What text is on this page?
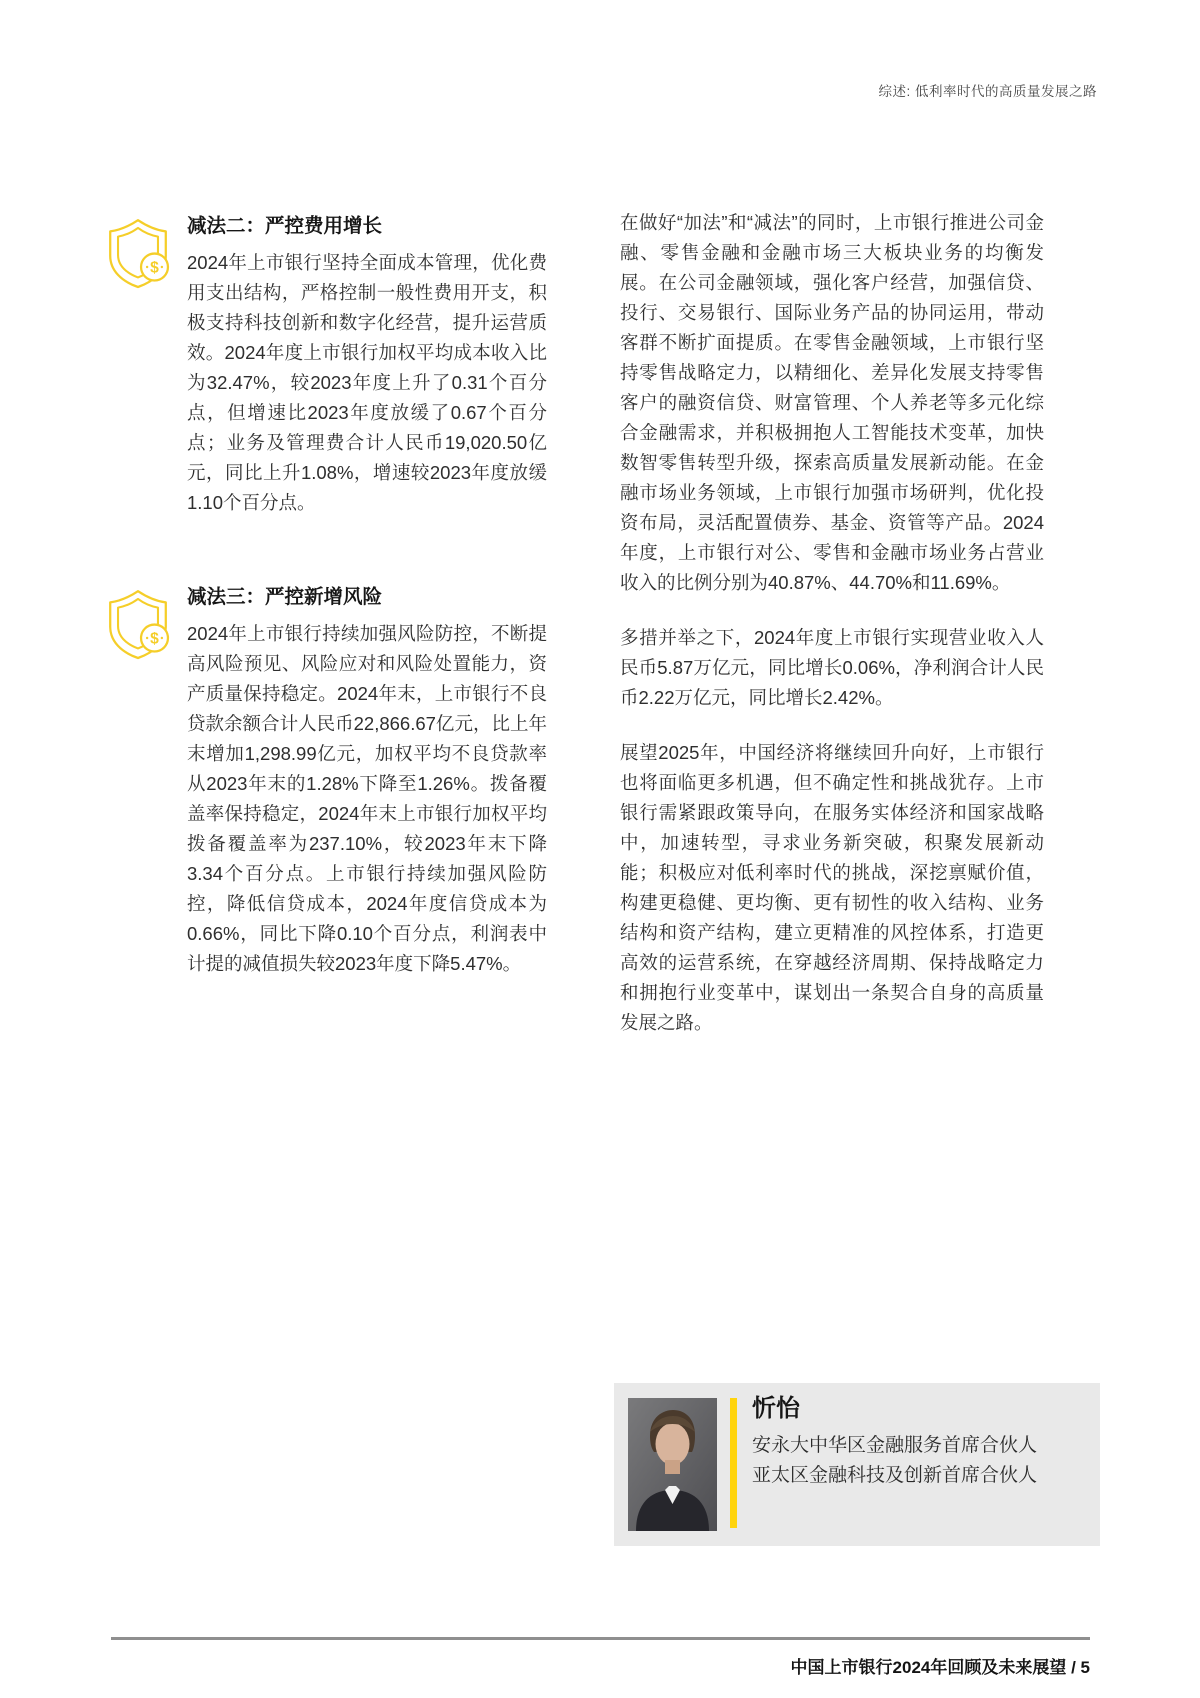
综述: 低利率时代的高质量发展之路
$
减法二：严控费用增长

2024年上市银行坚持全面成本管理，优化费用支出结构，严格控制一般性费用开支，积极支持科技创新和数字化经营，提升运营质效。2024年度上市银行加权平均成本收入比为32.47%，较2023年度上升了0.31个百分点，但增速比2023年度放缓了0.67个百分点；业务及管理费合计人民币19,020.50亿元，同比上升1.08%，增速较2023年度放缓1.10个百分点。

$
减法三：严控新增风险

2024年上市银行持续加强风险防控，不断提高风险预见、风险应对和风险处置能力，资产质量保持稳定。2024年末，上市银行不良贷款余额合计人民币22,866.67亿元，比上年末增加1,298.99亿元，加权平均不良贷款率从2023年末的1.28%下降至1.26%。拨备覆盖率保持稳定，2024年末上市银行加权平均拨备覆盖率为237.10%，较2023年末下降3.34个百分点。上市银行持续加强风险防控，降低信贷成本，2024年度信贷成本为0.66%，同比下降0.10个百分点，利润表中计提的减值损失较2023年度下降5.47%。

在做好“加法”和“减法”的同时，上市银行推进公司金融、零售金融和金融市场三大板块业务的均衡发展。在公司金融领域，强化客户经营，加强信贷、投行、交易银行、国际业务产品的协同运用，带动客群不断扩面提质。在零售金融领域，上市银行坚持零售战略定力，以精细化、差异化发展支持零售客户的融资信贷、财富管理、个人养老等多元化综合金融需求，并积极拥抱人工智能技术变革，加快数智零售转型升级，探索高质量发展新动能。在金融市场业务领域，上市银行加强市场研判，优化投资布局，灵活配置债券、基金、资管等产品。2024年度，上市银行对公、零售和金融市场业务占营业收入的比例分别为40.87%、44.70%和11.69%。

多措并举之下，2024年度上市银行实现营业收入人民币5.87万亿元，同比增长0.06%，净利润合计人民币2.22万亿元，同比增长2.42%。

展望2025年，中国经济将继续回升向好，上市银行也将面临更多机遇，但不确定性和挑战犹存。上市银行需紧跟政策导向，在服务实体经济和国家战略中，加速转型，寻求业务新突破，积聚发展新动能；积极应对低利率时代的挑战，深挖禀赋价值，构建更稳健、更均衡、更有韧性的收入结构、业务结构和资产结构，建立更精准的风控体系，打造更高效的运营系统，在穿越经济周期、保持战略定力和拥抱行业变革中，谋划出一条契合自身的高质量发展之路。

忻怡

安永大中华区金融服务首席合伙人

亚太区金融科技及创新首席合伙人

中国上市银行2024年回顾及未来展望 / 5
